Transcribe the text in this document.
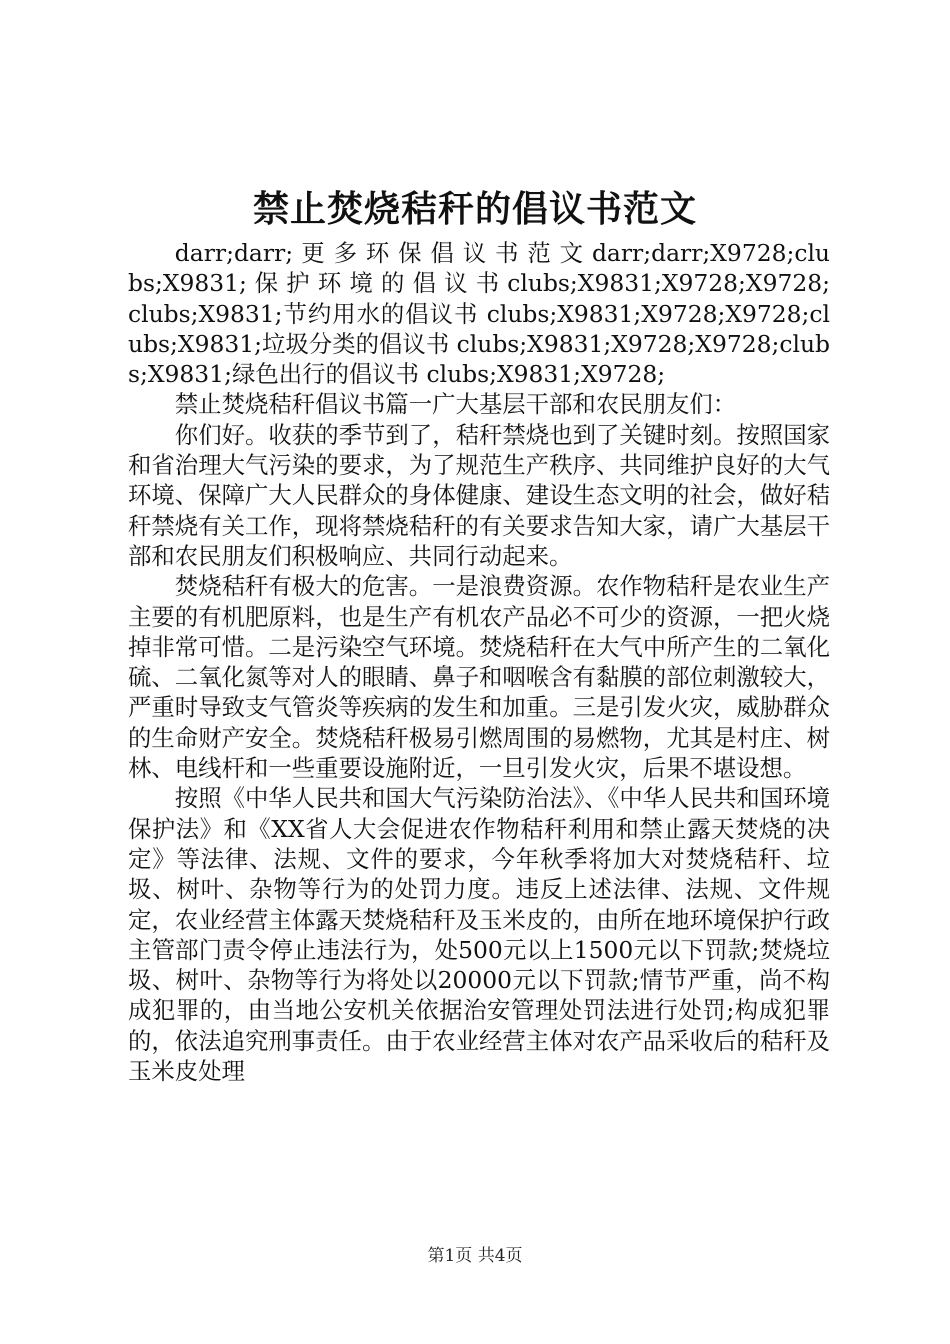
禁止焚烧秸秆的倡议书范文

darr;darr; 更 多 环 保 倡 议 书 范 文 darr;darr;X9728;clubs;X9831; 保 护 环 境 的 倡 议 书 clubs;X9831;X9728;X9728;clubs;X9831;节约用水的倡议书 clubs;X9831;X9728;X9728;clubs;X9831;垃圾分类的倡议书 clubs;X9831;X9728;X9728;clubs;X9831;绿色出行的倡议书 clubs;X9831;X9728;

禁止焚烧秸秆倡议书篇一广大基层干部和农民朋友们：

你们好。收获的季节到了，秸秆禁烧也到了关键时刻。按照国家和省治理大气污染的要求，为了规范生产秩序、共同维护良好的大气环境、保障广大人民群众的身体健康、建设生态文明的社会，做好秸秆禁烧有关工作，现将禁烧秸秆的有关要求告知大家，请广大基层干部和农民朋友们积极响应、共同行动起来。

焚烧秸秆有极大的危害。一是浪费资源。农作物秸秆是农业生产主要的有机肥原料，也是生产有机农产品必不可少的资源，一把火烧掉非常可惜。二是污染空气环境。焚烧秸秆在大气中所产生的二氧化硫、二氧化氮等对人的眼睛、鼻子和咽喉含有黏膜的部位刺激较大，严重时导致支气管炎等疾病的发生和加重。三是引发火灾，威胁群众的生命财产安全。焚烧秸秆极易引燃周围的易燃物，尤其是村庄、树林、电线杆和一些重要设施附近，一旦引发火灾，后果不堪设想。

按照《中华人民共和国大气污染防治法》、《中华人民共和国环境保护法》和《XX省人大会促进农作物秸秆利用和禁止露天焚烧的决定》等法律、法规、文件的要求，今年秋季将加大对焚烧秸秆、垃圾、树叶、杂物等行为的处罚力度。违反上述法律、法规、文件规定，农业经营主体露天焚烧秸秆及玉米皮的，由所在地环境保护行政主管部门责令停止违法行为，处500元以上1500元以下罚款;焚烧垃圾、树叶、杂物等行为将处以20000元以下罚款;情节严重，尚不构成犯罪的，由当地公安机关依据治安管理处罚法进行处罚;构成犯罪的，依法追究刑事责任。由于农业经营主体对农产品采收后的秸秆及玉米皮处理

第1页 共4页
